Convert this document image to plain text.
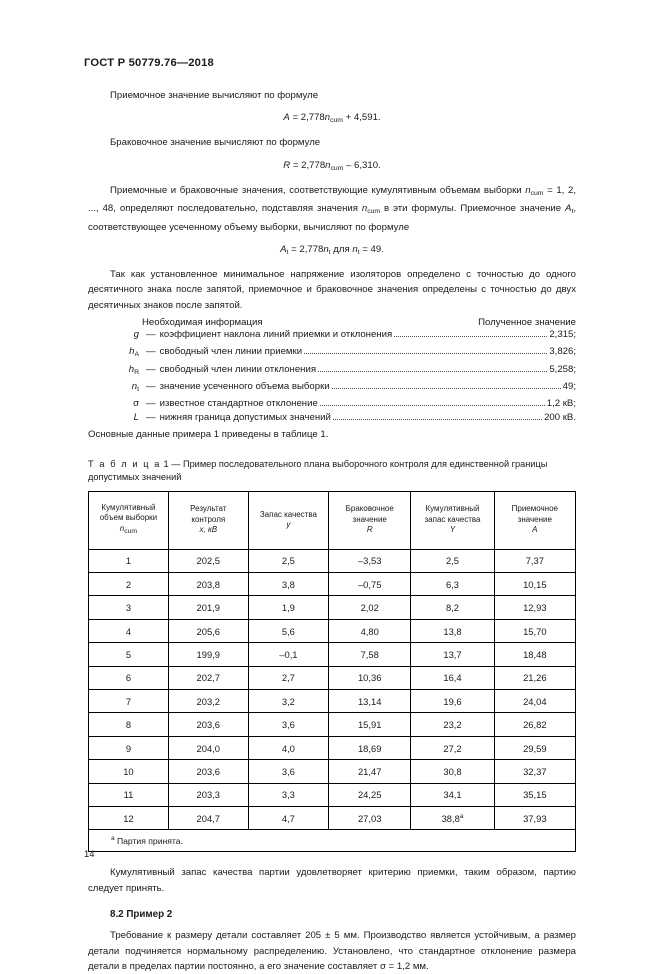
ГОСТ Р 50779.76—2018

Приемочное значение вычисляют по формуле

$A = 2,778n_{cum} + 4,591$.

Браковочное значение вычисляют по формуле

$R = 2,778n_{cum} - 6,310$.

Приемочные и браковочные значения, соответствующие кумулятивным объемам выборки $n_{cum} = 1$, 2, ..., 48, определяют последовательно, подставляя значения $n_{cum}$ в эти формулы. Приемочное значение $A_t$, соответствующее усеченному объему выборки, вычисляют по формуле

$A_t = 2,778n_t$ для $n_t = 49$.

Так как установленное минимальное напряжение изоляторов определено с точностью до одного десятичного знака после запятой, приемочное и браковочное значения определены с точностью до двух десятичных знаков после запятой.

Необходимая информация	Полученное значение
g — коэффициент наклона линий приемки и отклонения	2,315;
$h_A$ — свободный член линии приемки	3,826;
$h_R$ — свободный член линии отклонения	5,258;
$n_t$ — значение усеченного объема выборки	49;
σ — известное стандартное отклонение	1,2 кВ;
L — нижняя граница допустимых значений	200 кВ.

Основные данные примера 1 приведены в таблице 1.

Т а б л и ц а 1 — Пример последовательного плана выборочного контроля для единственной границы допустимых значений
Кумулятивный
объем выборки
$n_{cum}$	Результат
контроля
x, кВ	Запас качества
y	Браковочное
значение
R	Кумулятивный
запас качества
Y	Приемочное
значение
A

1	202,5	2,5	–3,53	2,5	7,37
2	203,8	3,8	–0,75	6,3	10,15
3	201,9	1,9	2,02	8,2	12,93
4	205,6	5,6	4,80	13,8	15,70
5	199,9	–0,1	7,58	13,7	18,48
6	202,7	2,7	10,36	16,4	21,26
7	203,2	3,2	13,14	19,6	24,04
8	203,6	3,6	15,91	23,2	26,82
9	204,0	4,0	18,69	27,2	29,59
10	203,6	3,6	21,47	30,8	32,37
11	203,3	3,3	24,25	34,1	35,15
12	204,7	4,7	27,03	38,8$^a$	37,93
$^a$ Партия принята.					

Кумулятивный запас качества партии удовлетворяет критерию приемки, таким образом, партию следует принять.

8.2 Пример 2

Требование к размеру детали составляет 205 ± 5 мм. Производство является устойчивым, а размер детали подчиняется нормальному распределению. Установлено, что стандартное отклонение размера детали в пределах партии постоянно, а его значение составляет σ = 1,2 мм.

14
